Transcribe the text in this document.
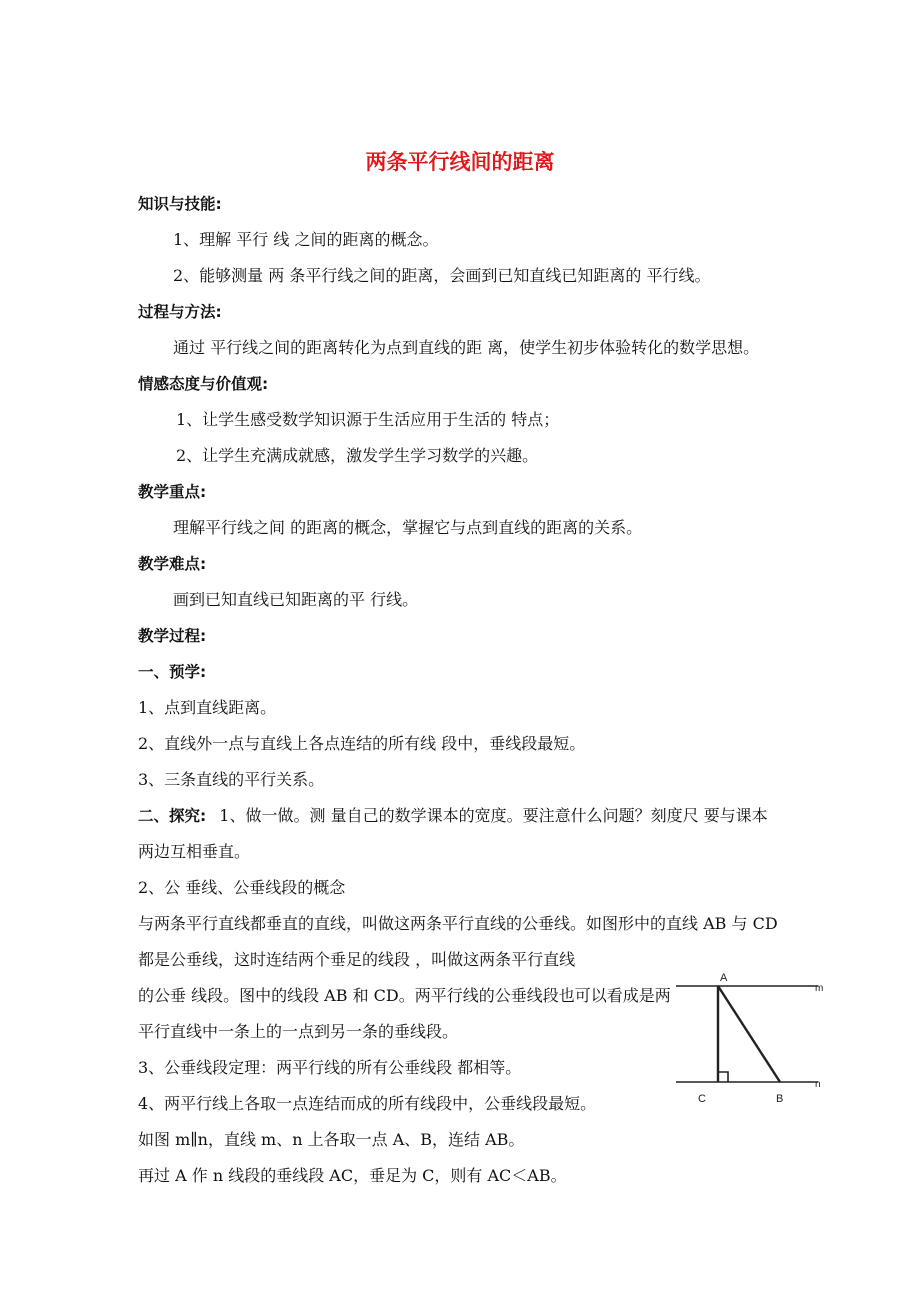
两条平行线间的距离
知识与技能:
1、理解 平行 线 之间的距离的概念。
2、能够测量 两 条平行线之间的距离，会画到已知直线已知距离的 平行线。
过程与方法:
通过 平行线之间的距离转化为点到直线的距 离，使学生初步体验转化的数学思想。
情感态度与价值观:
1、让学生感受数学知识源于生活应用于生活的 特点；
2、让学生充满成就感，激发学生学习数学的兴趣。
教学重点:
理解平行线之间 的距离的概念，掌握它与点到直线的距离的关系。
教学难点:
画到已知直线已知距离的平 行线。
教学过程:
一、预学:
1、点到直线距离。
2、直线外一点与直线上各点连结的所有线 段中，垂线段最短。
3、三条直线的平行关系。
二、探究: 1、做一做。测 量自己的数学课本的宽度。要注意什么问题？刻度尺 要与课本
两边互相垂直。
2、公 垂线、公垂线段的概念
与两条平行直线都垂直的直线，叫做这两条平行直线的公垂线。如图形中的直线 AB 与 CD
都是公垂线，这时连结两个垂足的线段 ，叫做这两条平行直线
的公垂 线段。图中的线段 AB 和 CD。两平行线的公垂线段也可以看成是两
平行直线中一条上的一点到另一条的垂线段。
3、公垂线段定理：两平行线的所有公垂线段 都相等。
4、两平行线上各取一点连结而成的所有线段中，公垂线段最短。
如图 m∥n，直线 m、n 上各取一点 A、B，连结 AB。
再过 A 作 n 线段的垂线段 AC，垂足为 C，则有 AC＜AB。
A
m
n
C	B
